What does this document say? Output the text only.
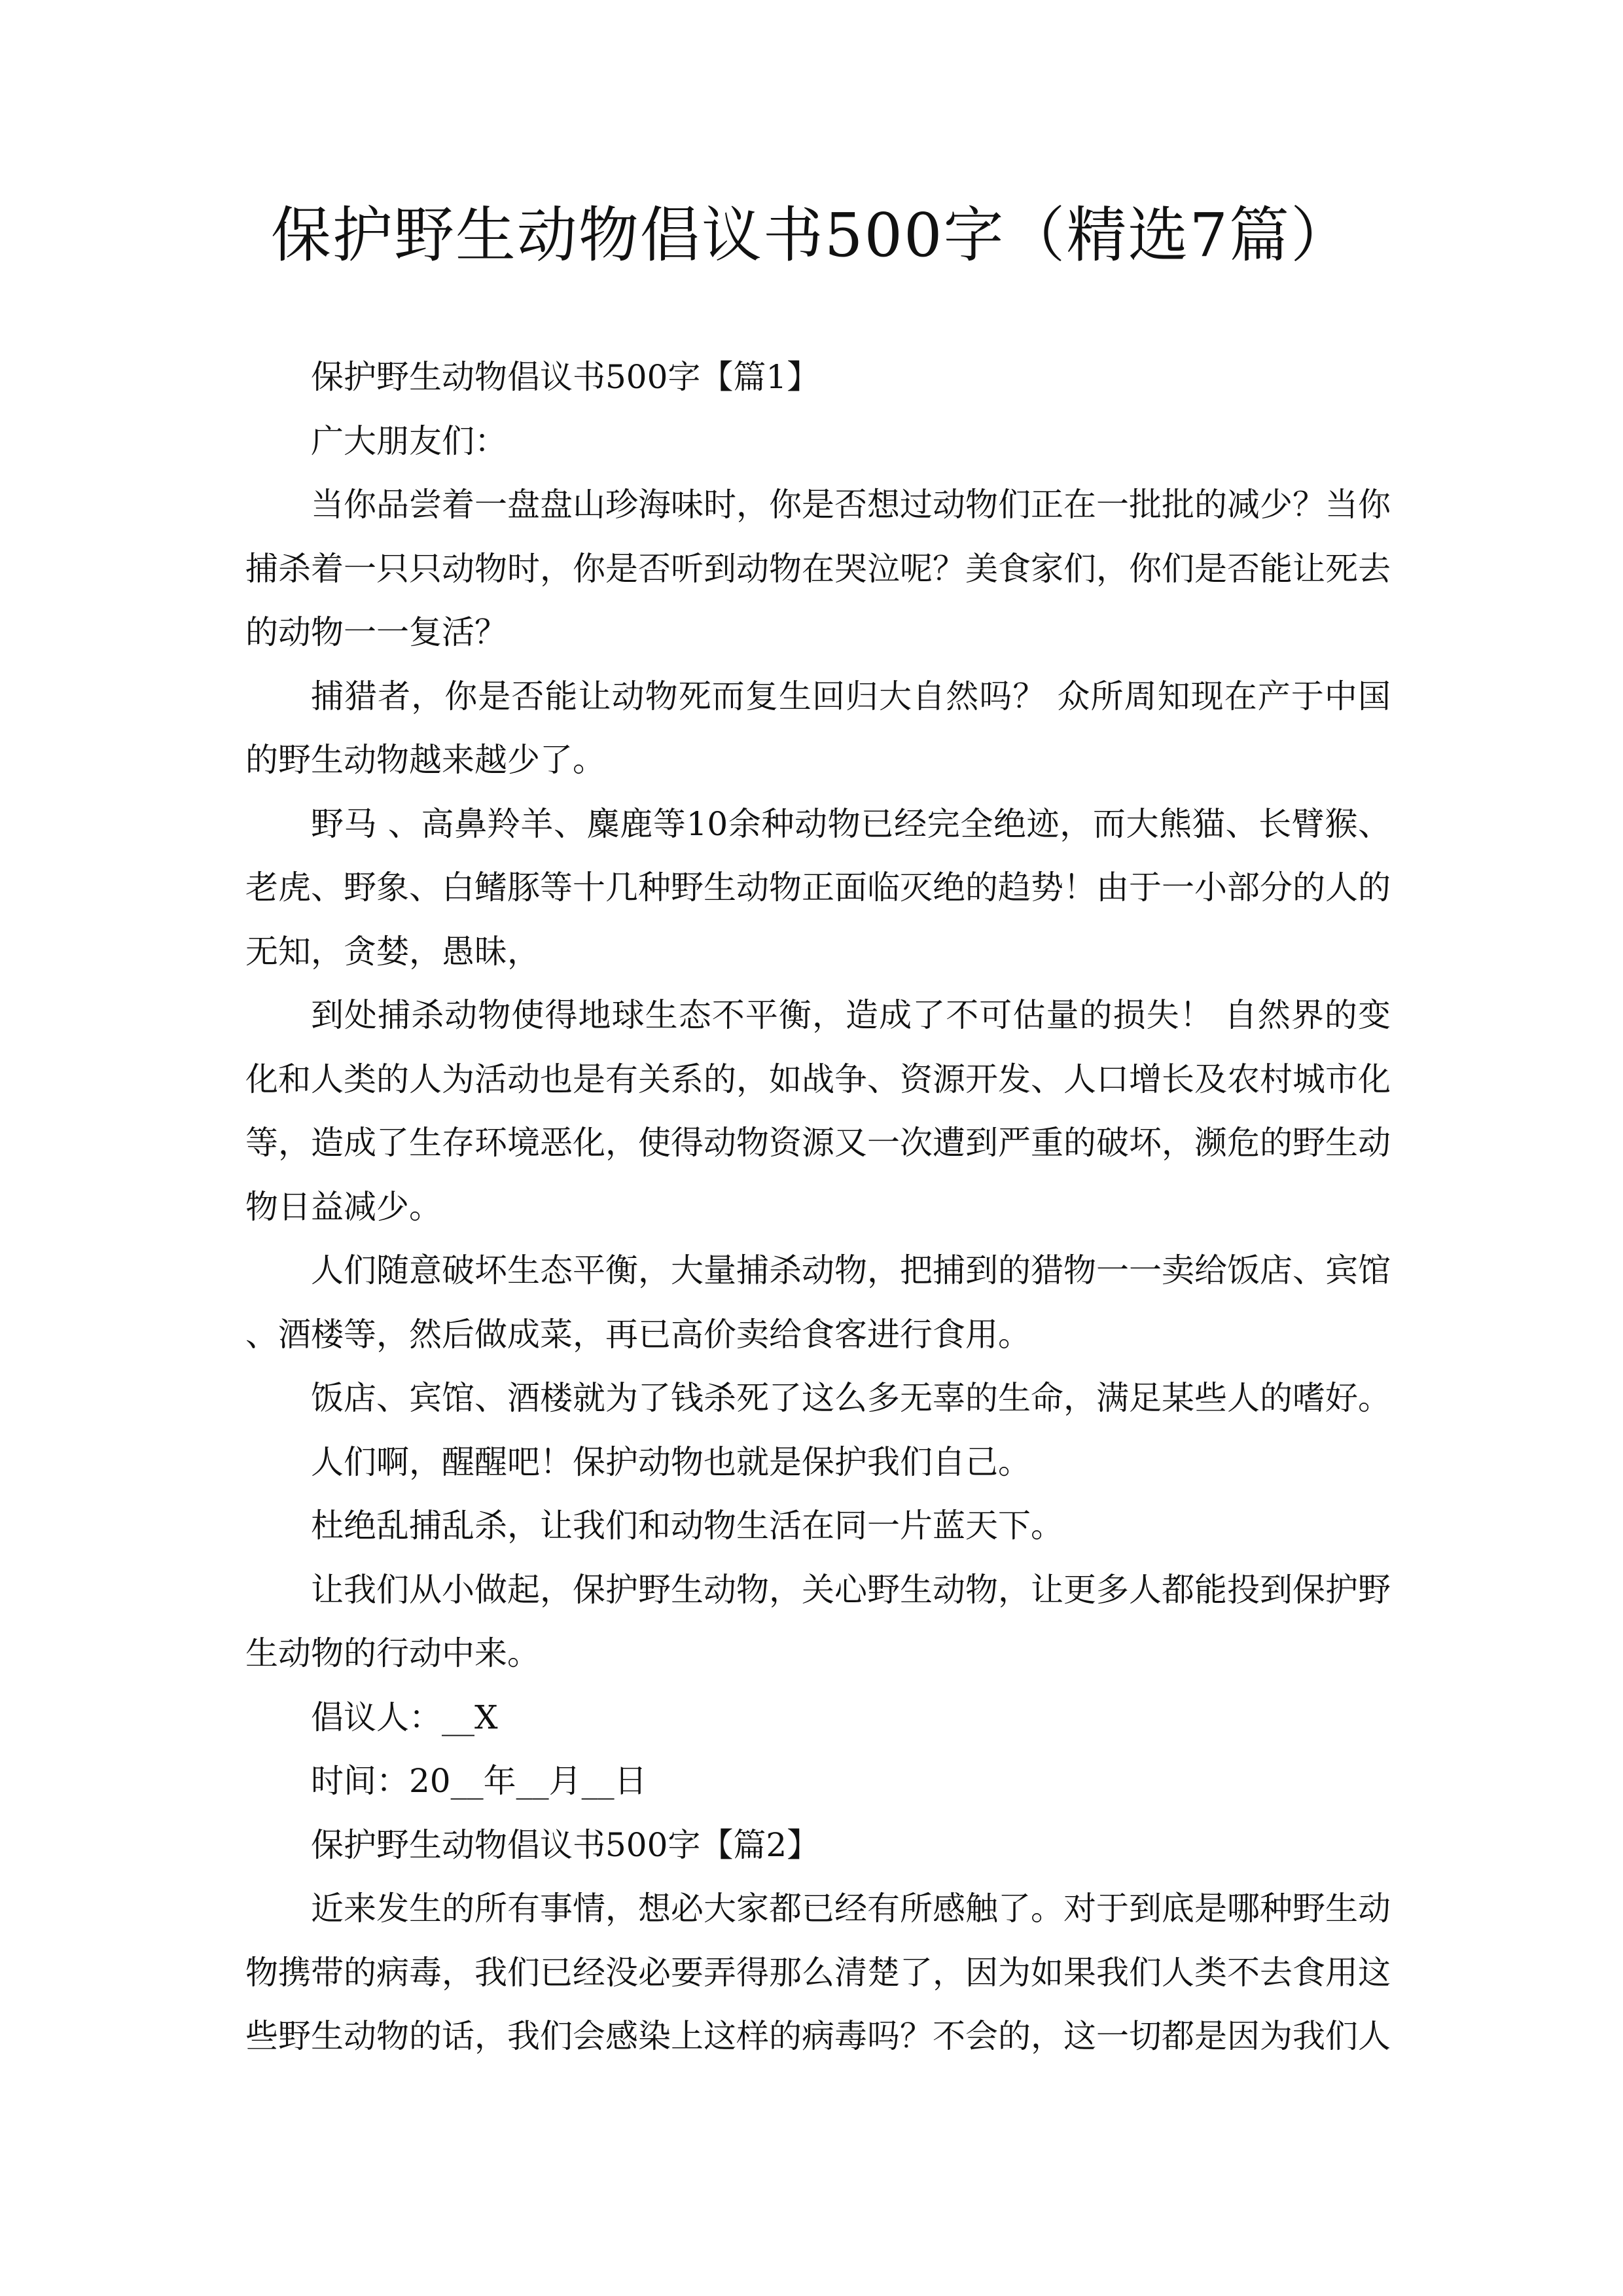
保护野生动物倡议书500字（精选7篇）

保护野生动物倡议书500字【篇1】

广大朋友们：

当你品尝着一盘盘山珍海味时，你是否想过动物们正在一批批的减少？当你捕杀着一只只动物时，你是否听到动物在哭泣呢？美食家们，你们是否能让死去的动物一一复活？

捕猎者，你是否能让动物死而复生回归大自然吗？ 众所周知现在产于中国的野生动物越来越少了。

野马 、高鼻羚羊、麋鹿等10余种动物已经完全绝迹，而大熊猫、长臂猴、老虎、野象、白鳍豚等十几种野生动物正面临灭绝的趋势！由于一小部分的人的无知，贪婪，愚昧，

到处捕杀动物使得地球生态不平衡，造成了不可估量的损失！ 自然界的变化和人类的人为活动也是有关系的，如战争、资源开发、人口增长及农村城市化等，造成了生存环境恶化，使得动物资源又一次遭到严重的破坏，濒危的野生动物日益减少。

人们随意破坏生态平衡，大量捕杀动物，把捕到的猎物一一卖给饭店、宾馆、酒楼等，然后做成菜，再已高价卖给食客进行食用。

饭店、宾馆、酒楼就为了钱杀死了这么多无辜的生命，满足某些人的嗜好。

人们啊，醒醒吧！保护动物也就是保护我们自己。

杜绝乱捕乱杀，让我们和动物生活在同一片蓝天下。

让我们从小做起，保护野生动物，关心野生动物，让更多人都能投到保护野生动物的行动中来。

倡议人：__X

时间：20__年__月__日

保护野生动物倡议书500字【篇2】

近来发生的所有事情，想必大家都已经有所感触了。对于到底是哪种野生动物携带的病毒，我们已经没必要弄得那么清楚了，因为如果我们人类不去食用这些野生动物的话，我们会感染上这样的病毒吗？不会的，这一切都是因为我们人
